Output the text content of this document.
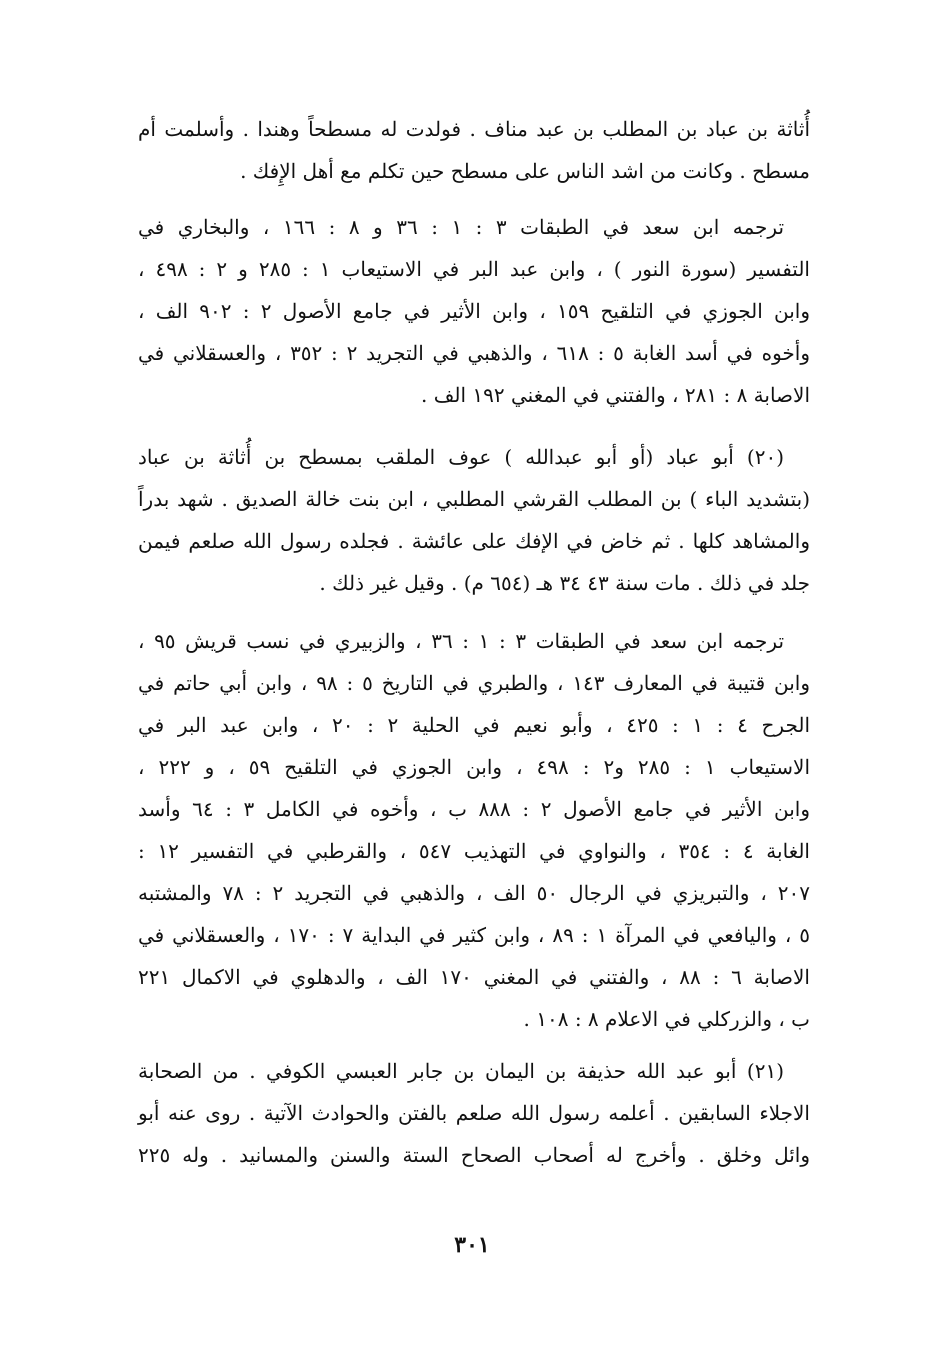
أُثاثة بن عباد بن المطلب بن عبد مناف . فولدت له مسطحاً وهندا . وأسلمت أم
مسطح . وكانت من اشد الناس على مسطح حين تكلم مع أهل الإِفك .
ترجمه ابن سعد في الطبقات ٣ : ١ : ٣٦ و ٨ : ١٦٦ ، والبخاري في
التفسير (سورة النور ) ، وابن عبد البر في الاستيعاب ١ : ٢٨٥ و ٢ : ٤٩٨ ،
وابن الجوزي في التلقيح ١٥٩ ، وابن الأثير في جامع الأصول ٢ : ٩٠٢ الف ،
وأخوه في أسد الغابة ٥ : ٦١٨ ، والذهبي في التجريد ٢ : ٣٥٢ ، والعسقلاني في
الاصابة ٨ : ٢٨١ ، والفتني في المغني ١٩٢ الف .
(٢٠) أبو عباد (أو أبو عبدالله ) عوف الملقب بمسطح بن أُثاثة بن عباد
(بتشديد الباء ) بن المطلب القرشي المطلبي ، ابن بنت خالة الصديق . شهد بدراً
والمشاهد كلها . ثم خاض في الإفك على عائشة . فجلده رسول الله صلعم فيمن
جلد في ذلك . مات سنة ٤٣ ٣٤ هـ (٦٥٤ م) . وقيل غير ذلك .
ترجمه ابن سعد في الطبقات ٣ : ١ : ٣٦ ، والزبيري في نسب قريش ٩٥ ،
وابن قتيبة في المعارف ١٤٣ ، والطبري في التاريخ ٥ : ٩٨ ، وابن أبي حاتم في
الجرح ٤ : ١ : ٤٢٥ ، وأبو نعيم في الحلية ٢ : ٢٠ ، وابن عبد البر في
الاستيعاب ١ : ٢٨٥ و٢ : ٤٩٨ ، وابن الجوزي في التلقيح ٥٩ ، و ٢٢٢ ،
وابن الأثير في جامع الأصول ٢ : ٨٨٨ ب ، وأخوه في الكامل ٣ : ٦٤ وأسد
الغابة ٤ : ٣٥٤ ، والنواوي في التهذيب ٥٤٧ ، والقرطبي في التفسير ١٢ :
٢٠٧ ، والتبريزي في الرجال ٥٠ الف ، والذهبي في التجريد ٢ : ٧٨ والمشتبه
٥ ، واليافعي في المرآة ١ : ٨٩ ، وابن كثير في البداية ٧ : ١٧٠ ، والعسقلاني في
الاصابة ٦ : ٨٨ ، والفتني في المغني ١٧٠ الف ، والدهلوي في الاكمال ٢٢١
ب ، والزركلي في الاعلام ٨ : ١٠٨ .
(٢١) أبو عبد الله حذيفة بن اليمان بن جابر العبسي الكوفي . من الصحابة
الاجلاء السابقين . أعلمه رسول الله صلعم بالفتن والحوادث الآتية . روى عنه أبو
وائل وخلق . وأخرج له أصحاب الصحاح الستة والسنن والمسانيد . وله ٢٢٥
٣٠١
